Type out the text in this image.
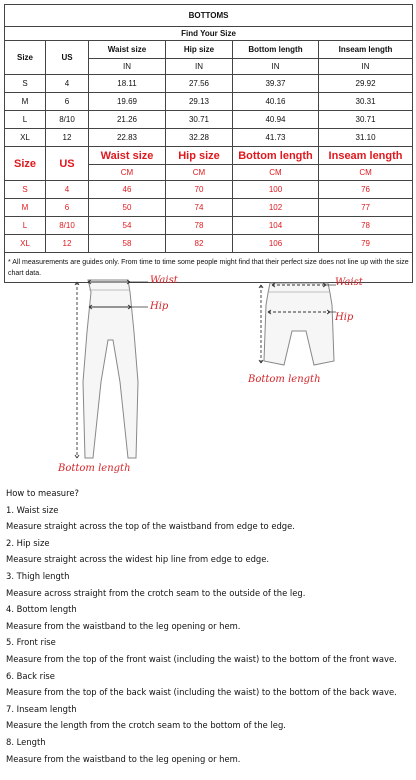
BOTTOMS					
Find Your Size					
Size	US	Waist size	Hip size	Bottom length	Inseam length
		IN	IN	IN	IN
S	4	18.11	27.56	39.37	29.92
M	6	19.69	29.13	40.16	30.31
L	8/10	21.26	30.71	40.94	30.71
XL	12	22.83	32.28	41.73	31.10
Size	US	Waist size	Hip size	Bottom length	Inseam length
		CM	CM	CM	CM
S	4	46	70	100	76
M	6	50	74	102	77
L	8/10	54	78	104	78
XL	12	58	82	106	79
* All measurements are guides only. From time to time some people might find that their perfect size does not line up with the size chart data.					
Waist
Hip
Bottom length
Waist
Hip
Bottom length
How to measure?
1. Waist size
Measure straight across the top of the waistband from edge to edge.
2. Hip size
Measure straight across the widest hip line from edge to edge.
3. Thigh length
Measure across straight from the crotch seam to the outside of the leg.
4. Bottom length
Measure from the waistband to the leg opening or hem.
5. Front rise
Measure from the top of the front waist (including the waist) to the bottom of the front wave.
6. Back rise
Measure from the top of the back waist (including the waist) to the bottom of the back wave.
7. Inseam length
Measure the length from the crotch seam to the bottom of the leg.
8. Length
Measure from the waistband to the leg opening or hem.
